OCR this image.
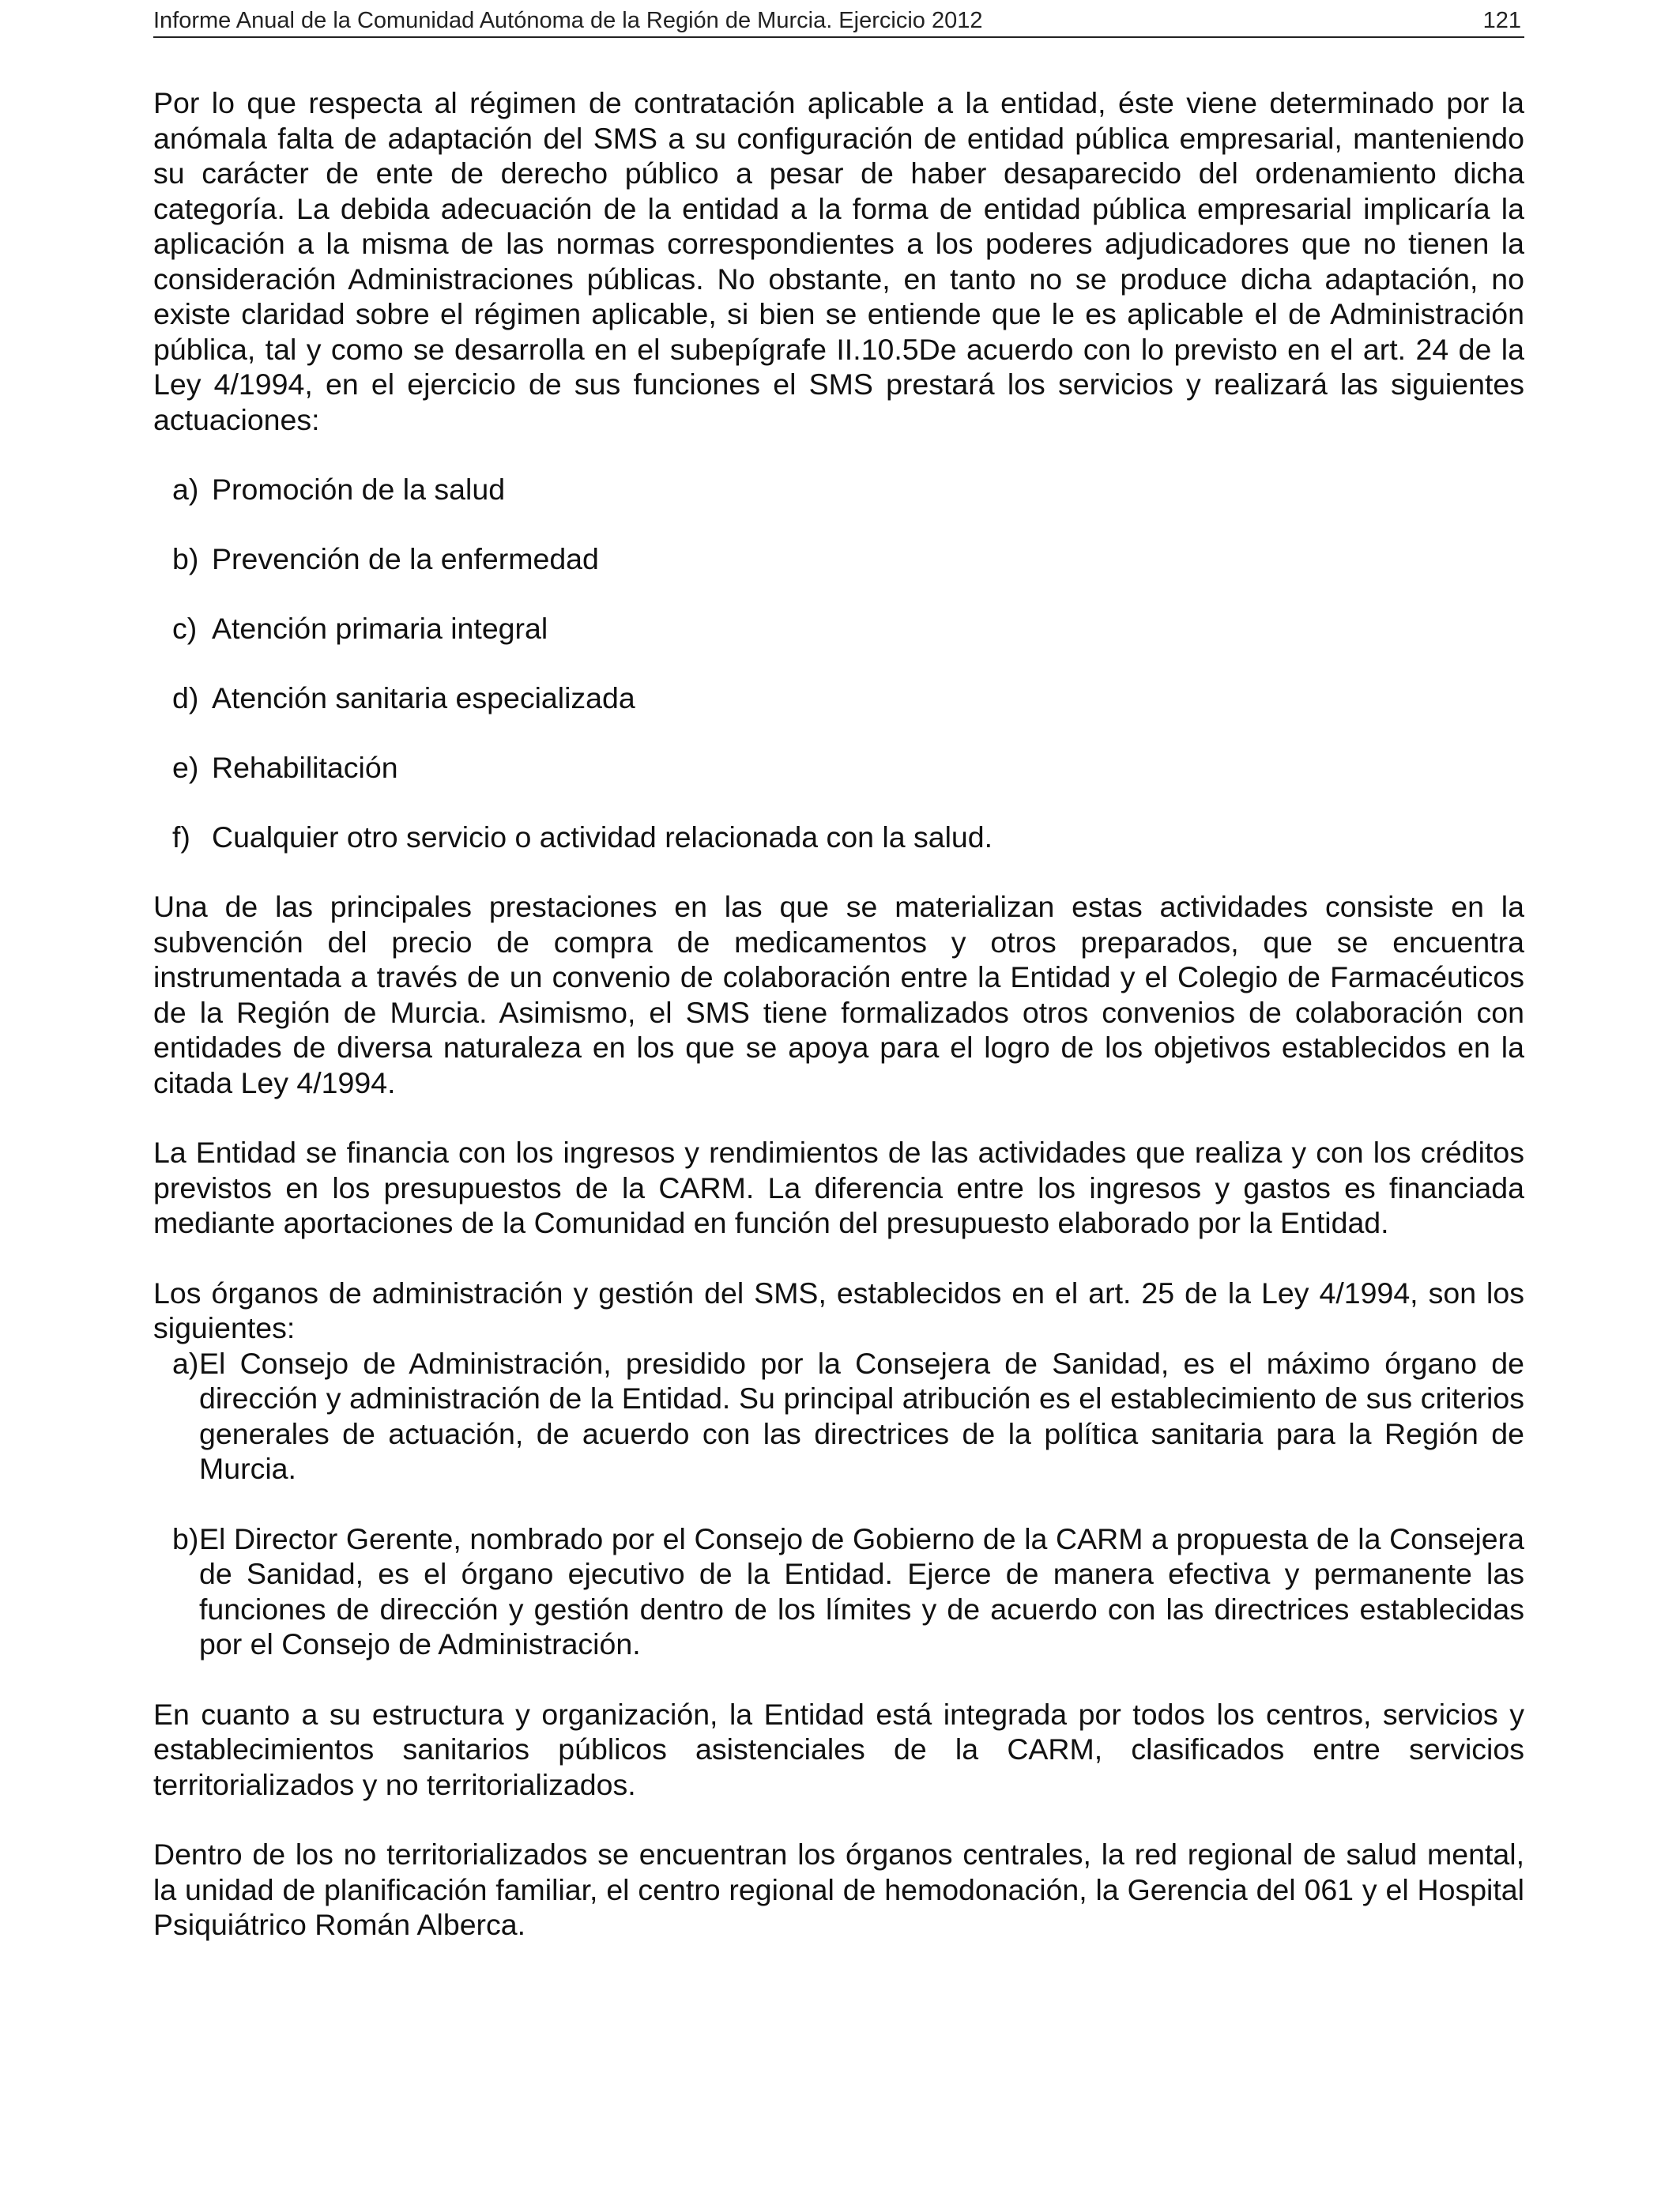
Informe Anual de la Comunidad Autónoma de la Región de Murcia. Ejercicio 2012	121

Por lo que respecta al régimen de contratación aplicable a la entidad, éste viene determinado por la anómala falta de adaptación del SMS a su configuración de entidad pública empresarial, manteniendo su carácter de ente de derecho público a pesar de haber desaparecido del ordenamiento dicha categoría. La debida adecuación de la entidad a la forma de entidad pública empresarial implicaría la aplicación a la misma de las normas correspondientes a los poderes adjudicadores que no tienen la consideración Administraciones públicas. No obstante, en tanto no se produce dicha adaptación, no existe claridad sobre el régimen aplicable, si bien se entiende que le es aplicable el de Administración pública, tal y como se desarrolla en el subepígrafe II.10.5De acuerdo con lo previsto en el art. 24 de la Ley 4/1994, en el ejercicio de sus funciones el SMS prestará los servicios y realizará las siguientes actuaciones:

a) Promoción de la salud
b) Prevención de la enfermedad
c) Atención primaria integral
d) Atención sanitaria especializada
e) Rehabilitación
f) Cualquier otro servicio o actividad relacionada con la salud.

Una de las principales prestaciones en las que se materializan estas actividades consiste en la subvención del precio de compra de medicamentos y otros preparados, que se encuentra instrumentada a través de un convenio de colaboración entre la Entidad y el Colegio de Farmacéuticos de la Región de Murcia. Asimismo, el SMS tiene formalizados otros convenios de colaboración con entidades de diversa naturaleza en los que se apoya para el logro de los objetivos establecidos en la citada Ley 4/1994.

La Entidad se financia con los ingresos y rendimientos de las actividades que realiza y con los créditos previstos en los presupuestos de la CARM. La diferencia entre los ingresos y gastos es financiada mediante aportaciones de la Comunidad en función del presupuesto elaborado por la Entidad.

Los órganos de administración y gestión del SMS, establecidos en el art. 25 de la Ley 4/1994, son los siguientes:

a) El Consejo de Administración, presidido por la Consejera de Sanidad, es el máximo órgano de dirección y administración de la Entidad. Su principal atribución es el establecimiento de sus criterios generales de actuación, de acuerdo con las directrices de la política sanitaria para la Región de Murcia.
b) El Director Gerente, nombrado por el Consejo de Gobierno de la CARM a propuesta de la Consejera de Sanidad, es el órgano ejecutivo de la Entidad. Ejerce de manera efectiva y permanente las funciones de dirección y gestión dentro de los límites y de acuerdo con las directrices establecidas por el Consejo de Administración.

En cuanto a su estructura y organización, la Entidad está integrada por todos los centros, servicios y establecimientos sanitarios públicos asistenciales de la CARM, clasificados entre servicios territorializados y no territorializados.

Dentro de los no territorializados se encuentran los órganos centrales, la red regional de salud mental, la unidad de planificación familiar, el centro regional de hemodonación, la Gerencia del 061 y el Hospital Psiquiátrico Román Alberca.
